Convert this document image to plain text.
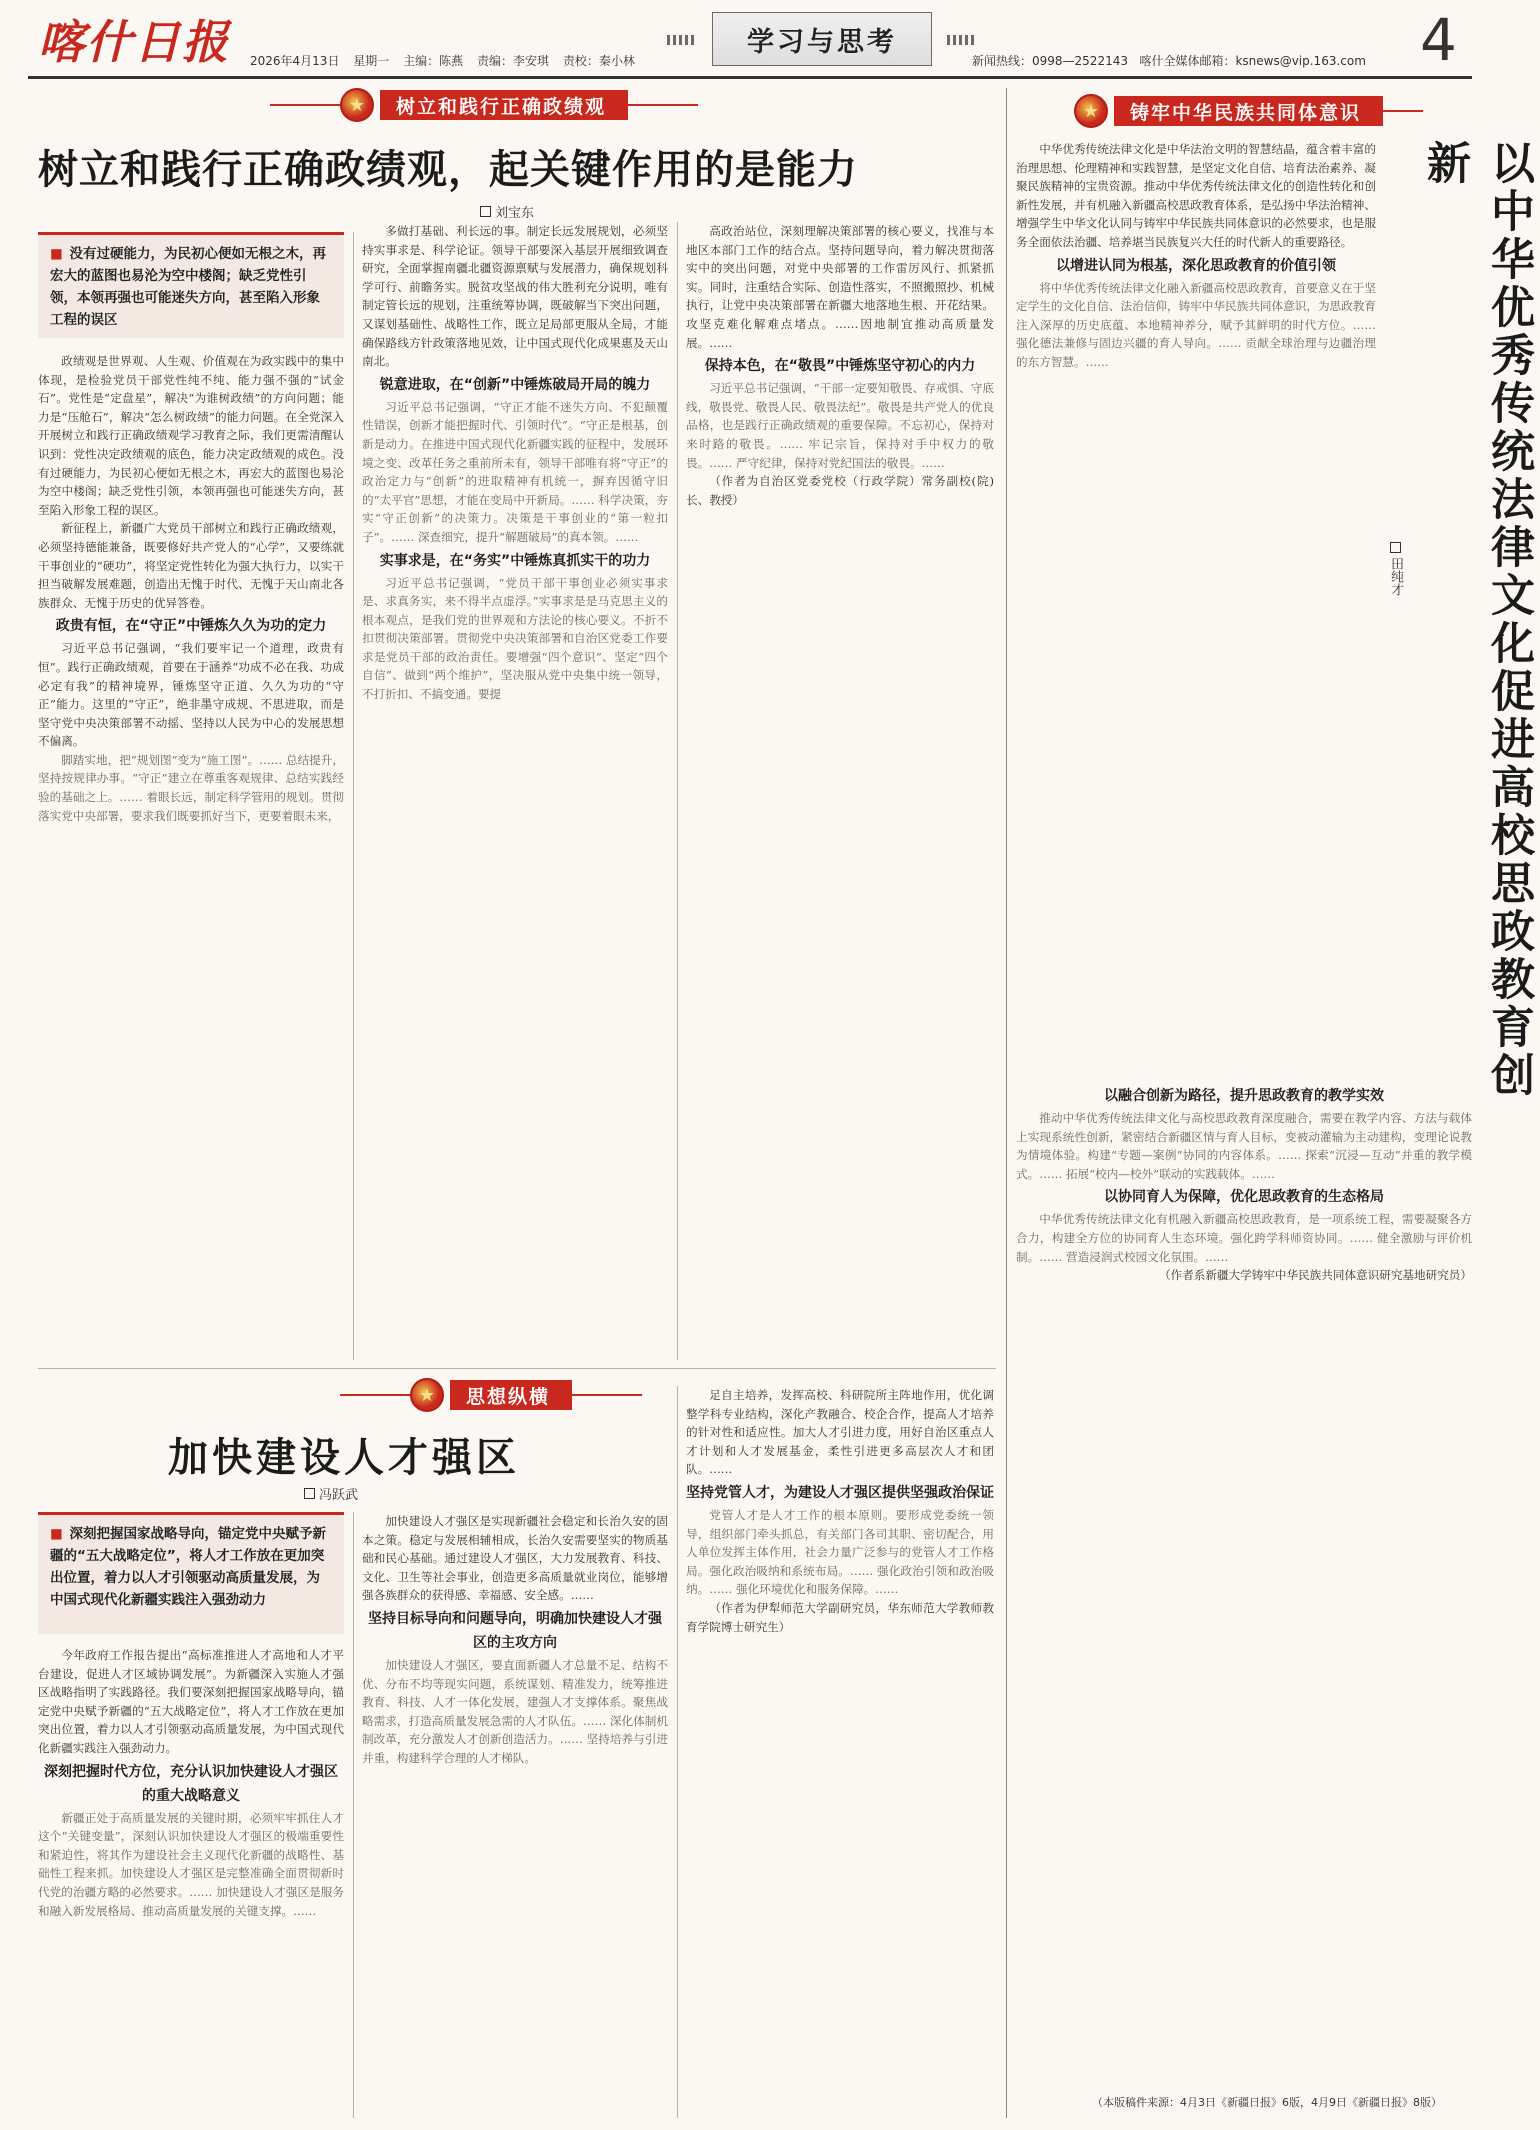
喀什日报 2026年4月13日 星期一 主编：陈燕 责编：李安琪 责校：秦小林
学习与思考
新闻热线：0998—2522143 喀什全媒体邮箱：ksnews@vip.163.com 4
★	树立和践行正确政绩观
树立和践行正确政绩观，起关键作用的是能力
刘宝东
■ 没有过硬能力，为民初心便如无根之木，再宏大的蓝图也易沦为空中楼阁；缺乏党性引领，本领再强也可能迷失方向，甚至陷入形象工程的误区

政绩观是世界观、人生观、价值观在为政实践中的集中体现，是检验党员干部党性纯不纯、能力强不强的“试金石”。党性是“定盘星”，解决“为谁树政绩”的方向问题；能力是“压舱石”，解决“怎么树政绩”的能力问题。在全党深入开展树立和践行正确政绩观学习教育之际，我们更需清醒认识到：党性决定政绩观的底色，能力决定政绩观的成色。没有过硬能力，为民初心便如无根之木，再宏大的蓝图也易沦为空中楼阁；缺乏党性引领，本领再强也可能迷失方向，甚至陷入形象工程的误区。

新征程上，新疆广大党员干部树立和践行正确政绩观，必须坚持德能兼备，既要修好共产党人的“心学”，又要练就干事创业的“硬功”，将坚定党性转化为强大执行力，以实干担当破解发展难题，创造出无愧于时代、无愧于天山南北各族群众、无愧于历史的优异答卷。

政贵有恒，在“守正”中锤炼久久为功的定力

习近平总书记强调，“我们要牢记一个道理，政贵有恒”。践行正确政绩观，首要在于涵养“功成不必在我、功成必定有我”的精神境界，锤炼坚守正道、久久为功的“守正”能力。这里的“守正”，绝非墨守成规、不思进取，而是坚守党中央决策部署不动摇、坚持以人民为中心的发展思想不偏离。

脚踏实地，把“规划图”变为“施工图”。…… 总结提升，坚持按规律办事。“守正”建立在尊重客观规律、总结实践经验的基础之上。…… 着眼长远，制定科学管用的规划。贯彻落实党中央部署，要求我们既要抓好当下，更要着眼未来，

多做打基础、利长远的事。制定长远发展规划，必须坚持实事求是、科学论证。领导干部要深入基层开展细致调查研究，全面掌握南疆北疆资源禀赋与发展潜力，确保规划科学可行、前瞻务实。脱贫攻坚战的伟大胜利充分说明，唯有制定管长远的规划，注重统筹协调，既破解当下突出问题，又谋划基础性、战略性工作，既立足局部更服从全局，才能确保路线方针政策落地见效，让中国式现代化成果惠及天山南北。

锐意进取，在“创新”中锤炼破局开局的魄力

习近平总书记强调，“守正才能不迷失方向、不犯颠覆性错误，创新才能把握时代、引领时代”。“守正是根基，创新是动力。在推进中国式现代化新疆实践的征程中，发展环境之变、改革任务之重前所未有，领导干部唯有将“守正”的政治定力与“创新”的进取精神有机统一，摒弃因循守旧的“太平官”思想，才能在变局中开新局。…… 科学决策，夯实“守正创新”的决策力。决策是干事创业的“第一粒扣子”。…… 深查细究，提升“解题破局”的真本领。……

实事求是，在“务实”中锤炼真抓实干的功力

习近平总书记强调，“党员干部干事创业必须实事求是、求真务实，来不得半点虚浮。”实事求是是马克思主义的根本观点，是我们党的世界观和方法论的核心要义。不折不扣贯彻决策部署。贯彻党中央决策部署和自治区党委工作要求是党员干部的政治责任。要增强“四个意识”、坚定“四个自信”、做到“两个维护”，坚决服从党中央集中统一领导，不打折扣、不搞变通。要提

高政治站位，深刻理解决策部署的核心要义，找准与本地区本部门工作的结合点。坚持问题导向，着力解决贯彻落实中的突出问题，对党中央部署的工作雷厉风行、抓紧抓实。同时，注重结合实际、创造性落实，不照搬照抄、机械执行，让党中央决策部署在新疆大地落地生根、开花结果。攻坚克难化解难点堵点。……因地制宜推动高质量发展。……

保持本色，在“敬畏”中锤炼坚守初心的内力

习近平总书记强调，“干部一定要知敬畏、存戒惧、守底线，敬畏党、敬畏人民、敬畏法纪”。敬畏是共产党人的优良品格，也是践行正确政绩观的重要保障。不忘初心，保持对来时路的敬畏。…… 牢记宗旨，保持对手中权力的敬畏。…… 严守纪律，保持对党纪国法的敬畏。……

（作者为自治区党委党校（行政学院）常务副校(院)长、教授）

★	思想纵横
加快建设人才强区
冯跃武
■ 深刻把握国家战略导向，锚定党中央赋予新疆的“五大战略定位”，将人才工作放在更加突出位置，着力以人才引领驱动高质量发展，为中国式现代化新疆实践注入强劲动力

今年政府工作报告提出“高标准推进人才高地和人才平台建设，促进人才区域协调发展”。为新疆深入实施人才强区战略指明了实践路径。我们要深刻把握国家战略导向，锚定党中央赋予新疆的“五大战略定位”，将人才工作放在更加突出位置，着力以人才引领驱动高质量发展，为中国式现代化新疆实践注入强劲动力。

深刻把握时代方位，充分认识加快建设人才强区的重大战略意义

新疆正处于高质量发展的关键时期，必须牢牢抓住人才这个“关键变量”，深刻认识加快建设人才强区的极端重要性和紧迫性，将其作为建设社会主义现代化新疆的战略性、基础性工程来抓。加快建设人才强区是完整准确全面贯彻新时代党的治疆方略的必然要求。…… 加快建设人才强区是服务和融入新发展格局、推动高质量发展的关键支撑。……

加快建设人才强区是实现新疆社会稳定和长治久安的固本之策。稳定与发展相辅相成，长治久安需要坚实的物质基础和民心基础。通过建设人才强区，大力发展教育、科技、文化、卫生等社会事业，创造更多高质量就业岗位，能够增强各族群众的获得感、幸福感、安全感。……

坚持目标导向和问题导向，明确加快建设人才强区的主攻方向

加快建设人才强区，要直面新疆人才总量不足、结构不优、分布不均等现实问题，系统谋划、精准发力，统筹推进教育、科技、人才一体化发展，建强人才支撑体系。聚焦战略需求，打造高质量发展急需的人才队伍。…… 深化体制机制改革，充分激发人才创新创造活力。…… 坚持培养与引进并重，构建科学合理的人才梯队。

足自主培养，发挥高校、科研院所主阵地作用，优化调整学科专业结构，深化产教融合、校企合作，提高人才培养的针对性和适应性。加大人才引进力度，用好自治区重点人才计划和人才发展基金，柔性引进更多高层次人才和团队。……

坚持党管人才，为建设人才强区提供坚强政治保证

党管人才是人才工作的根本原则。要形成党委统一领导，组织部门牵头抓总，有关部门各司其职、密切配合，用人单位发挥主体作用，社会力量广泛参与的党管人才工作格局。强化政治吸纳和系统布局。…… 强化政治引领和政治吸纳。…… 强化环境优化和服务保障。……

（作者为伊犁师范大学副研究员，华东师范大学教师教育学院博士研究生）

★	铸牢中华民族共同体意识
以中华优秀传统法律文化促进高校思政教育创新
田纯才

中华优秀传统法律文化是中华法治文明的智慧结晶，蕴含着丰富的治理思想、伦理精神和实践智慧，是坚定文化自信、培育法治素养、凝聚民族精神的宝贵资源。推动中华优秀传统法律文化的创造性转化和创新性发展，并有机融入新疆高校思政教育体系，是弘扬中华法治精神、增强学生中华文化认同与铸牢中华民族共同体意识的必然要求，也是服务全面依法治疆、培养堪当民族复兴大任的时代新人的重要路径。

以增进认同为根基，深化思政教育的价值引领

将中华优秀传统法律文化融入新疆高校思政教育，首要意义在于坚定学生的文化自信、法治信仰，铸牢中华民族共同体意识，为思政教育注入深厚的历史底蕴、本地精神养分，赋予其鲜明的时代方位。…… 强化德法兼修与固边兴疆的育人导向。…… 贡献全球治理与边疆治理的东方智慧。……

以融合创新为路径，提升思政教育的教学实效

推动中华优秀传统法律文化与高校思政教育深度融合，需要在教学内容、方法与载体上实现系统性创新，紧密结合新疆区情与育人目标，变被动灌输为主动建构，变理论说教为情境体验。构建“专题—案例”协同的内容体系。…… 探索“沉浸—互动”并重的教学模式。…… 拓展“校内—校外”联动的实践载体。……

以协同育人为保障，优化思政教育的生态格局

中华优秀传统法律文化有机融入新疆高校思政教育，是一项系统工程，需要凝聚各方合力，构建全方位的协同育人生态环境。强化跨学科师资协同。…… 健全激励与评价机制。…… 营造浸润式校园文化氛围。……

（作者系新疆大学铸牢中华民族共同体意识研究基地研究员）

（本版稿件来源：4月3日《新疆日报》6版，4月9日《新疆日报》8版）
